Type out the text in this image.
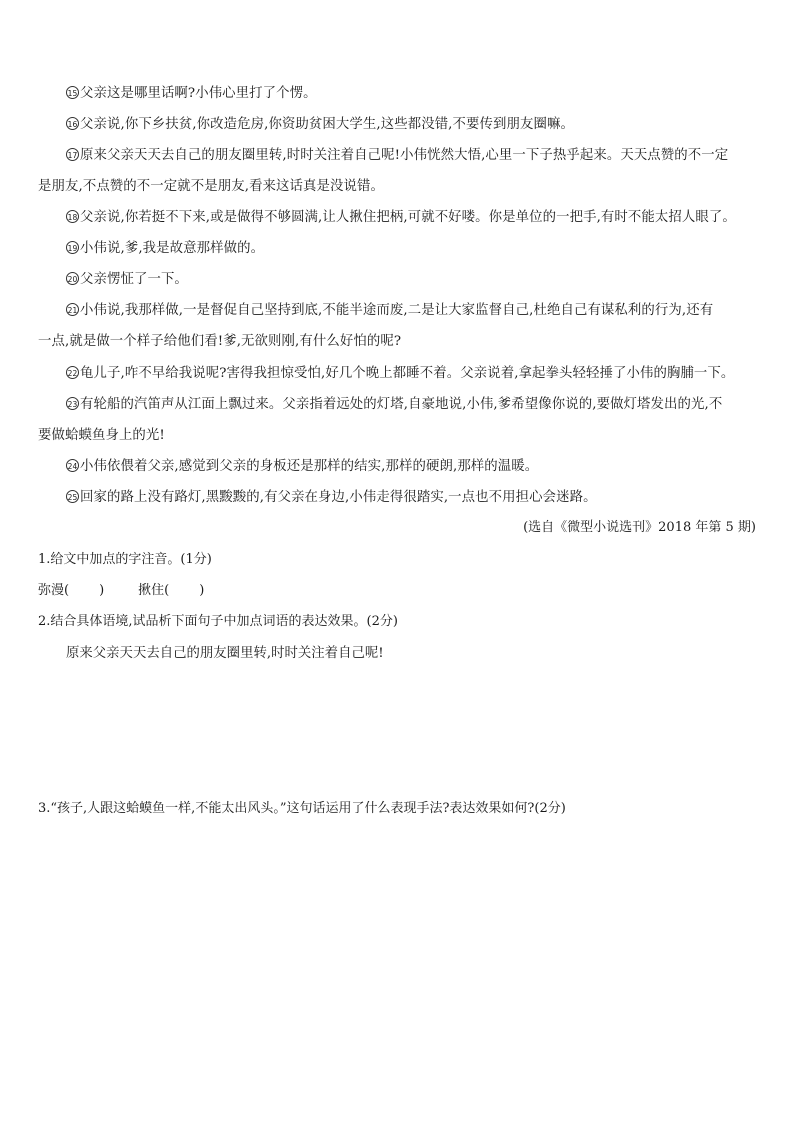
15 父亲这是哪里话啊?小伟心里打了个愣。

16 父亲说,你下乡扶贫,你改造危房,你资助贫困大学生,这些都没错,不要传到朋友圈嘛。

17 原来父亲天天去自己的朋友圈里转,时时关注着自己呢!小伟恍然大悟,心里一下子热乎起来。天天点赞的不一定
是朋友,不点赞的不一定就不是朋友,看来这话真是没说错。

18 父亲说,你若挺不下来,或是做得不够圆满,让人揪住把柄,可就不好喽。你是单位的一把手,有时不能太招人眼了。

19 小伟说,爹,我是故意那样做的。

20 父亲愣怔了一下。

21 小伟说,我那样做,一是督促自己坚持到底,不能半途而废,二是让大家监督自己,杜绝自己有谋私利的行为,还有
一点,就是做一个样子给他们看!爹,无欲则刚,有什么好怕的呢?

22 龟儿子,咋不早给我说呢?害得我担惊受怕,好几个晚上都睡不着。父亲说着,拿起拳头轻轻捶了小伟的胸脯一下。

23 有轮船的汽笛声从江面上飘过来。父亲指着远处的灯塔,自豪地说,小伟,爹希望像你说的,要做灯塔发出的光,不
要做蛤蟆鱼身上的光!

24 小伟依偎着父亲,感觉到父亲的身板还是那样的结实,那样的硬朗,那样的温暖。

25 回家的路上没有路灯,黑黢黢的,有父亲在身边,小伟走得很踏实,一点也不用担心会迷路。

(选自《微型小说选刊》2018 年第 5 期)

1.给文中加点的字注音。(1分)

弥漫( )	揪住( )

2.结合具体语境,试品析下面句子中加点词语的表达效果。(2分)

原来父亲天天去自己的朋友圈里转,时时关注着自己呢!

3.“孩子,人跟这蛤蟆鱼一样,不能太出风头。”这句话运用了什么表现手法?表达效果如何?(2分)
